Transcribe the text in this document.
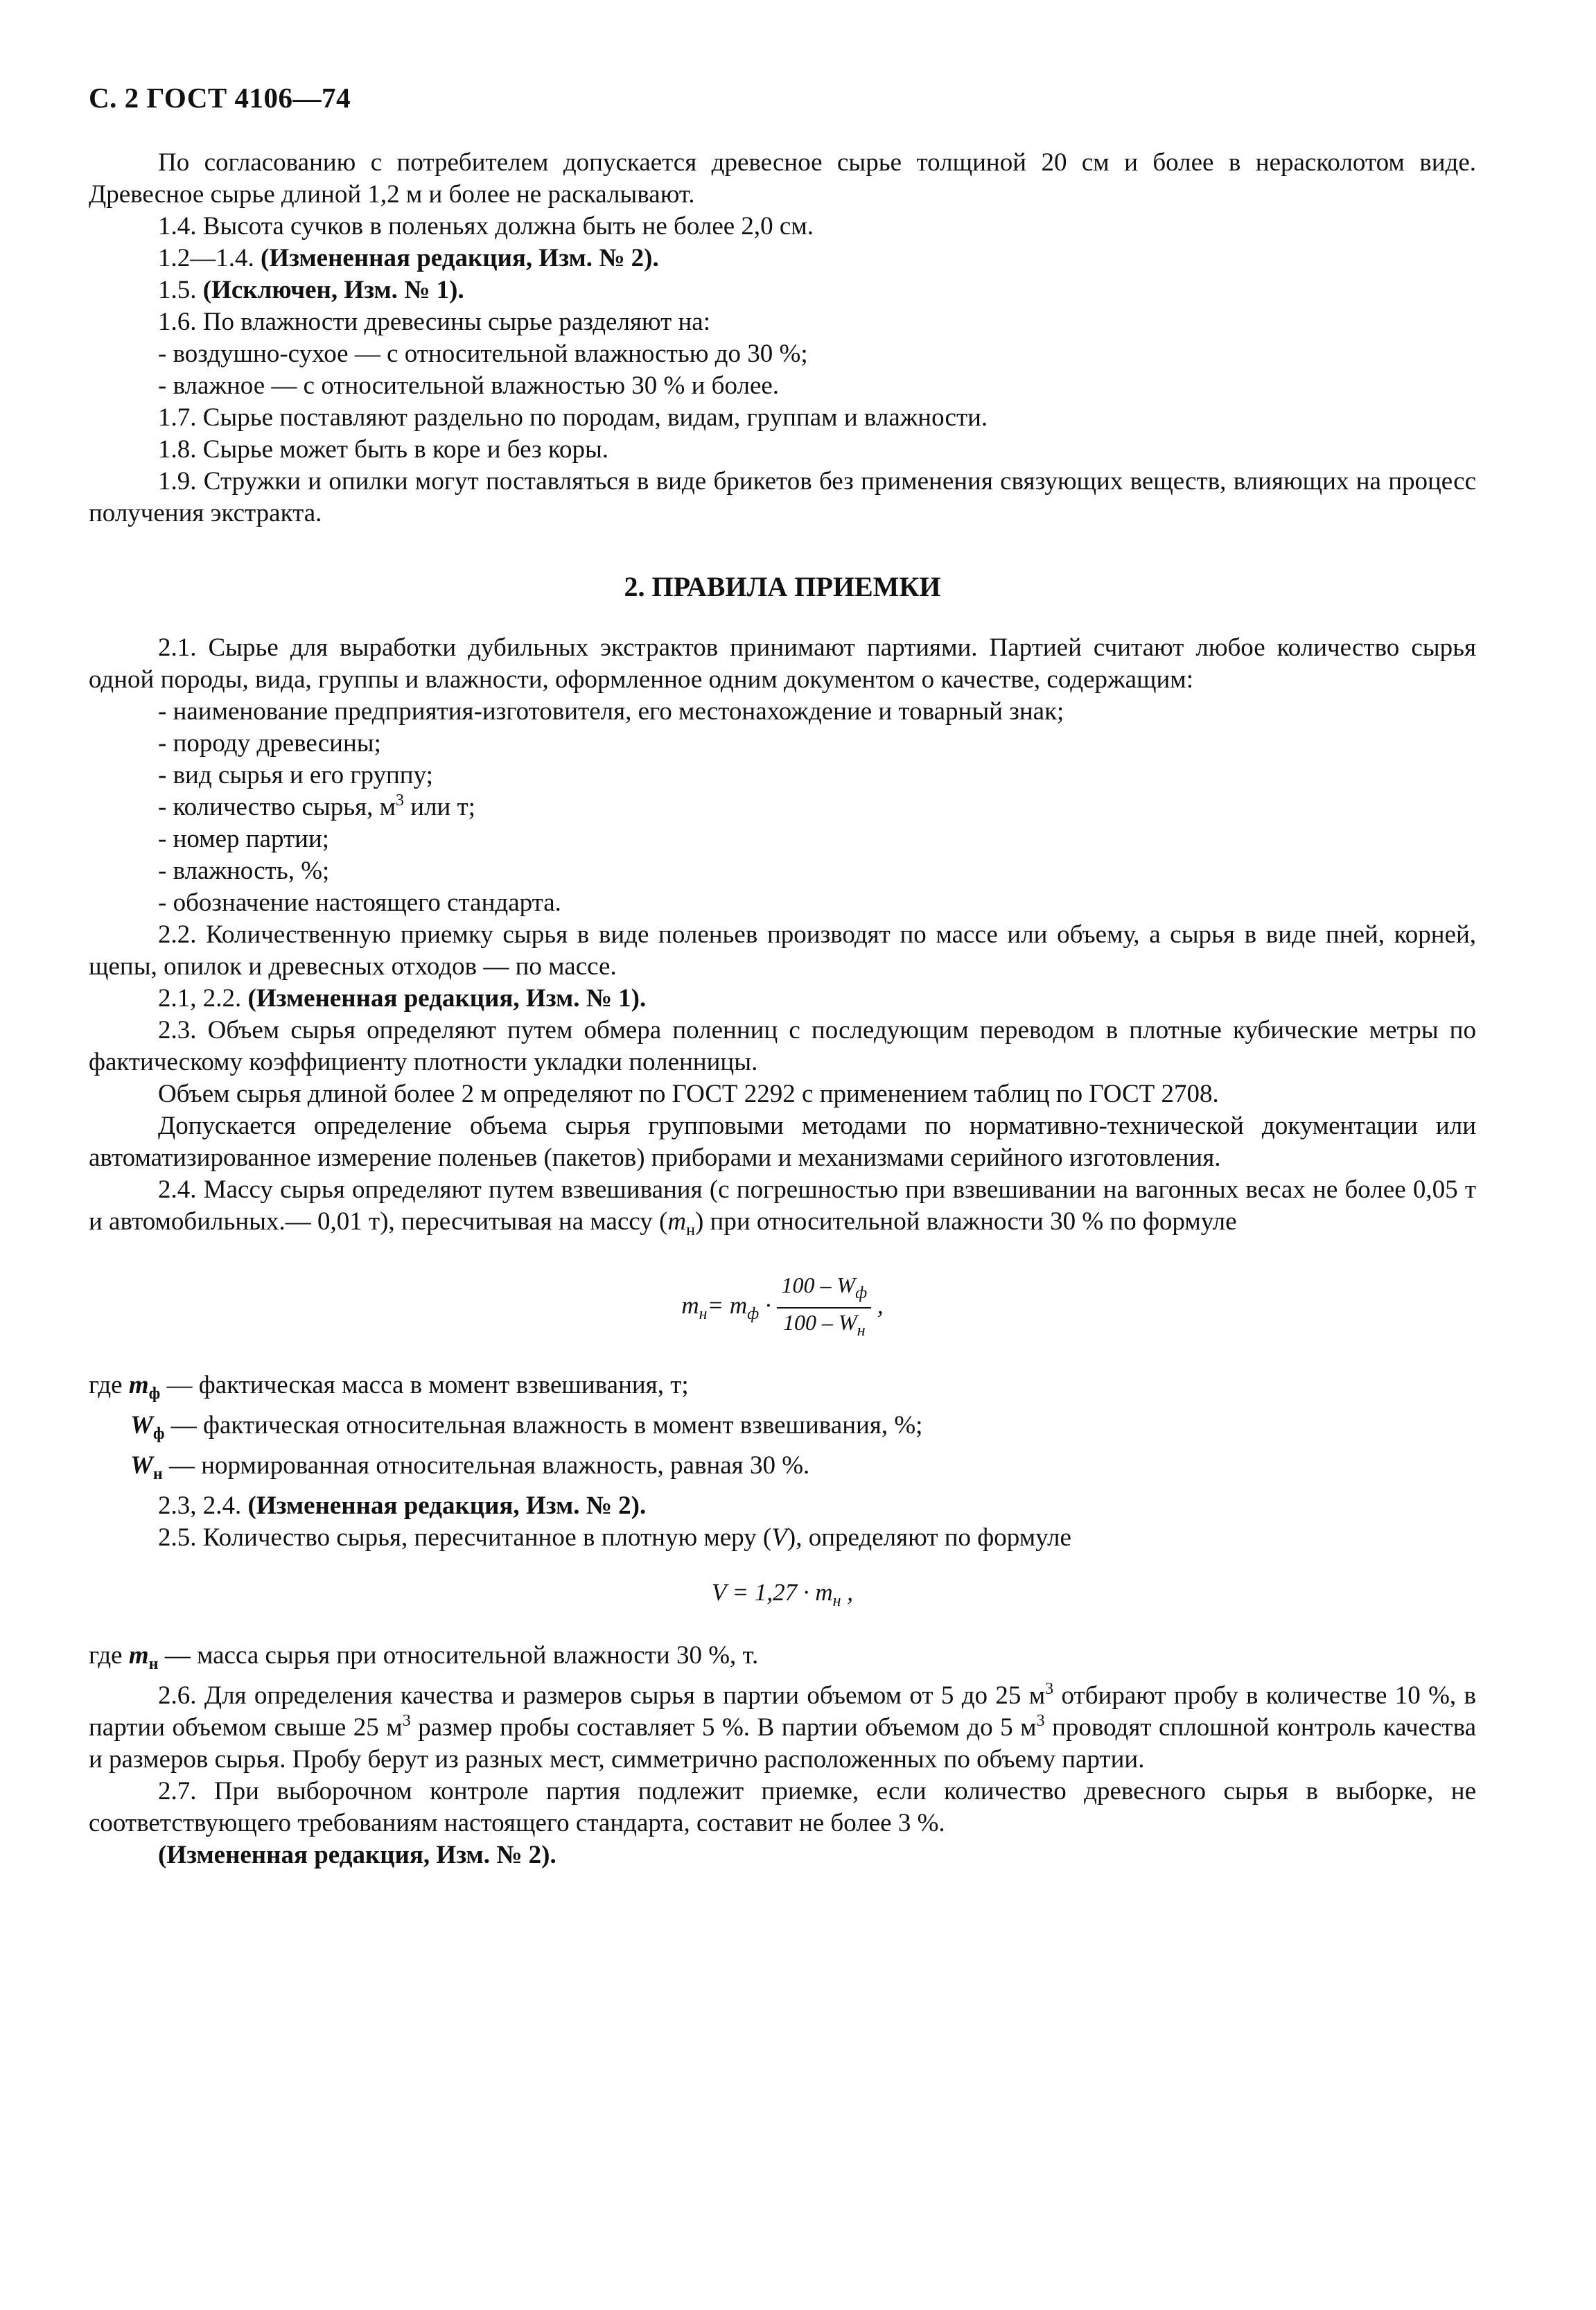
С. 2 ГОСТ 4106—74

По согласованию с потребителем допускается древесное сырье толщиной 20 см и более в нерасколотом виде. Древесное сырье длиной 1,2 м и более не раскалывают.

1.4. Высота сучков в поленьях должна быть не более 2,0 см.

1.2—1.4. (Измененная редакция, Изм. № 2).

1.5. (Исключен, Изм. № 1).

1.6. По влажности древесины сырье разделяют на:

- воздушно-сухое — с относительной влажностью до 30 %;

- влажное — с относительной влажностью 30 % и более.

1.7. Сырье поставляют раздельно по породам, видам, группам и влажности.

1.8. Сырье может быть в коре и без коры.

1.9. Стружки и опилки могут поставляться в виде брикетов без применения связующих веществ, влияющих на процесс получения экстракта.

2. ПРАВИЛА ПРИЕМКИ

2.1. Сырье для выработки дубильных экстрактов принимают партиями. Партией считают любое количество сырья одной породы, вида, группы и влажности, оформленное одним документом о качестве, содержащим:

- наименование предприятия-изготовителя, его местонахождение и товарный знак;

- породу древесины;

- вид сырья и его группу;

- количество сырья, $м^3$ или т;

- номер партии;

- влажность, %;

- обозначение настоящего стандарта.

2.2. Количественную приемку сырья в виде поленьев производят по массе или объему, а сырья в виде пней, корней, щепы, опилок и древесных отходов — по массе.

2.1, 2.2. (Измененная редакция, Изм. № 1).

2.3. Объем сырья определяют путем обмера поленниц с последующим переводом в плотные кубические метры по фактическому коэффициенту плотности укладки поленницы.

Объем сырья длиной более 2 м определяют по ГОСТ 2292 с применением таблиц по ГОСТ 2708.

Допускается определение объема сырья групповыми методами по нормативно-технической документации или автоматизированное измерение поленьев (пакетов) приборами и механизмами серийного изготовления.

2.4. Массу сырья определяют путем взвешивания (с погрешностью при взвешивании на вагонных весах не более 0,05 т и автомобильных.— 0,01 т), пересчитывая на массу $(m_н)$ при относительной влажности 30 % по формуле

$m_н= m_ф \cdot \frac{100 - W_ф}{100 - W_н}$ ,

где $m_ф$ — фактическая масса в момент взвешивания, т;

$W_ф$ — фактическая относительная влажность в момент взвешивания, %;

$W_н$ — нормированная относительная влажность, равная 30 %.

2.3, 2.4. (Измененная редакция, Изм. № 2).

2.5. Количество сырья, пересчитанное в плотную меру (V), определяют по формуле

$V = 1,27 \cdot m_н$ ,

где $m_н$ — масса сырья при относительной влажности 30 %, т.

2.6. Для определения качества и размеров сырья в партии объемом от 5 до 25 $м^3$ отбирают пробу в количестве 10 %, в партии объемом свыше 25 $м^3$ размер пробы составляет 5 %. В партии объемом до 5 $м^3$ проводят сплошной контроль качества и размеров сырья. Пробу берут из разных мест, симметрично расположенных по объему партии.

2.7. При выборочном контроле партия подлежит приемке, если количество древесного сырья в выборке, не соответствующего требованиям настоящего стандарта, составит не более 3 %.

(Измененная редакция, Изм. № 2).
